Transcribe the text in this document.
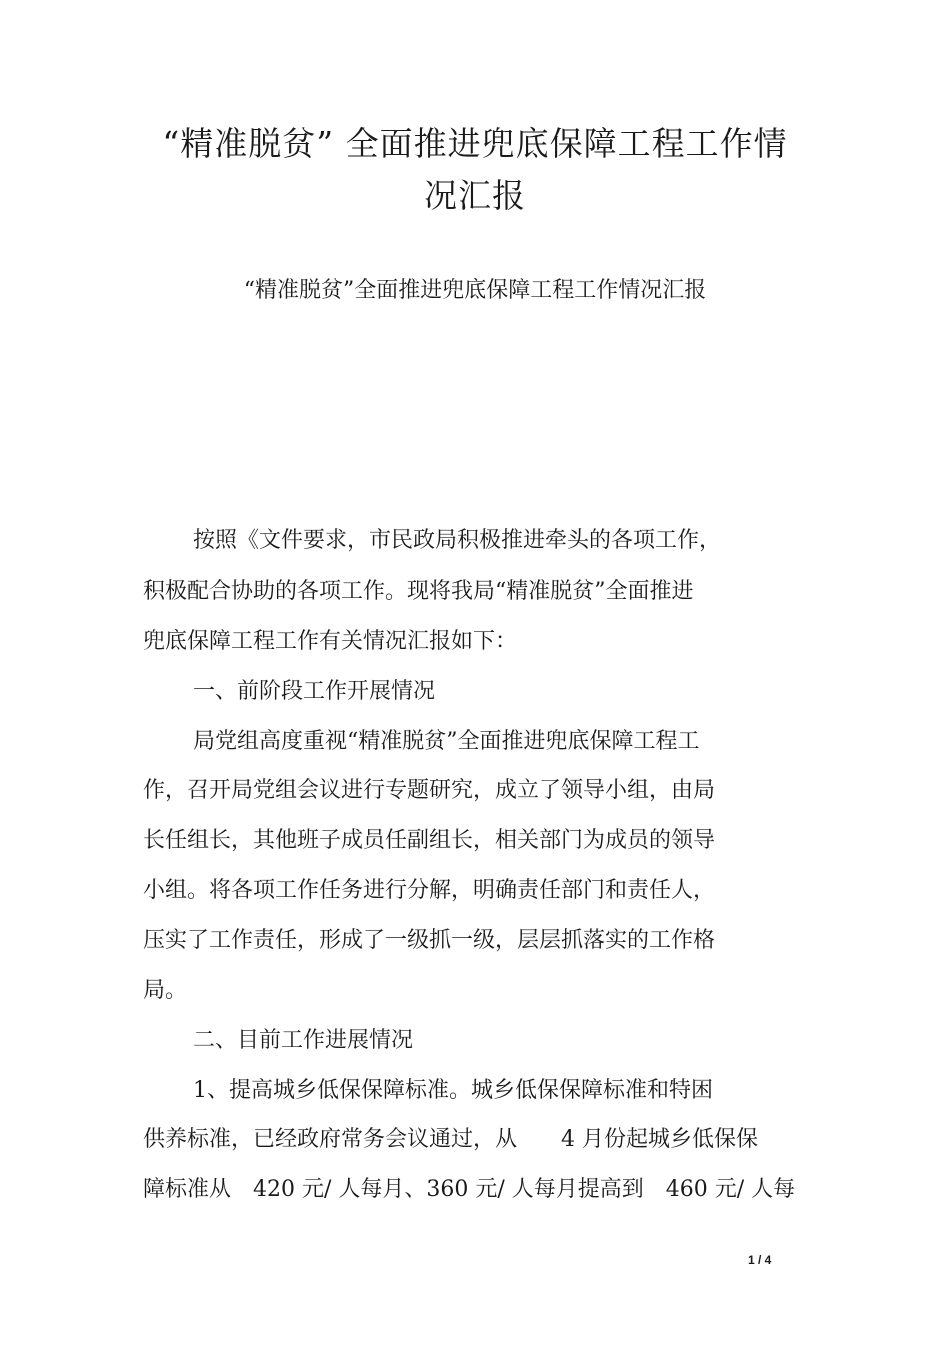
“精准脱贫” 全面推进兜底保障工程工作情
况汇报

“精准脱贫”全面推进兜底保障工程工作情况汇报

按照《文件要求，市民政局积极推进牵头的各项工作，

积极配合协助的各项工作。现将我局“精准脱贫”全面推进

兜底保障工程工作有关情况汇报如下：

一、前阶段工作开展情况

局党组高度重视“精准脱贫”全面推进兜底保障工程工

作，召开局党组会议进行专题研究，成立了领导小组，由局

长任组长，其他班子成员任副组长，相关部门为成员的领导

小组。将各项工作任务进行分解，明确责任部门和责任人，

压实了工作责任，形成了一级抓一级，层层抓落实的工作格

局。

二、目前工作进展情况

1、提高城乡低保保障标准。城乡低保保障标准和特困

供养标准，已经政府常务会议通过，从　　4 月份起城乡低保保

障标准从　420 元/ 人每月、360 元/ 人每月提高到　460 元/ 人每

1 / 4
